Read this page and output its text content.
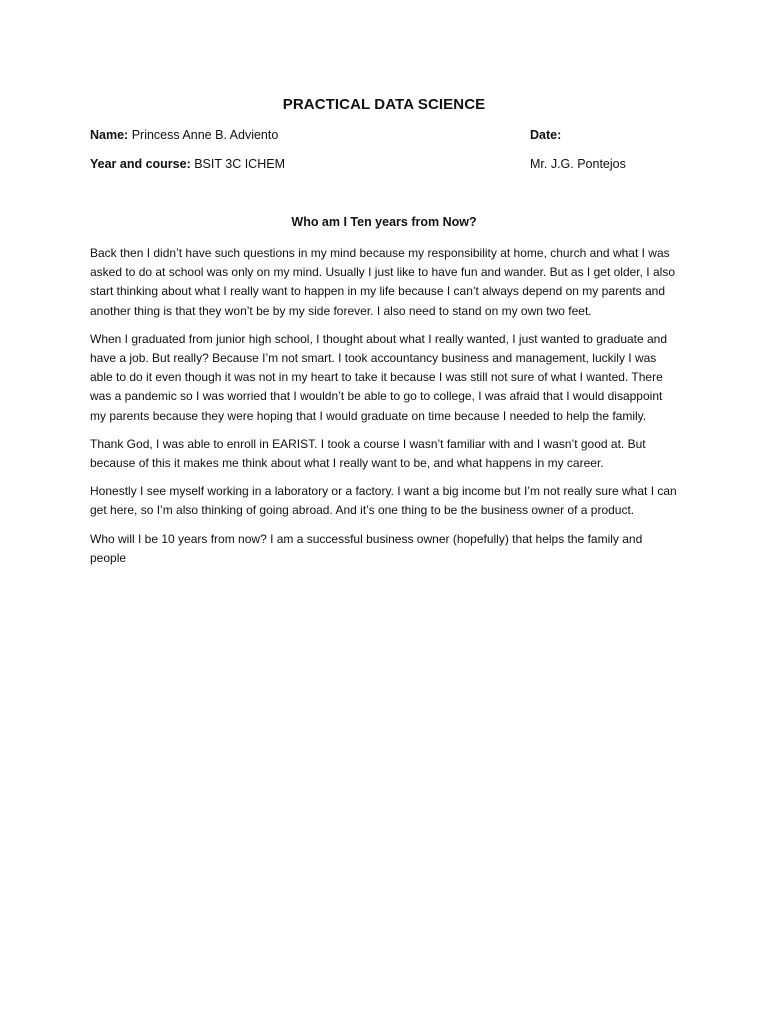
PRACTICAL DATA SCIENCE
Name: Princess Anne B. Adviento	Date:
Year and course: BSIT 3C ICHEM	Mr. J.G. Pontejos
Who am I Ten years from Now?

Back then I didn’t have such questions in my mind because my responsibility at home, church and what I was asked to do at school was only on my mind. Usually I just like to have fun and wander. But as I get older, I also start thinking about what I really want to happen in my life because I can’t always depend on my parents and another thing is that they won’t be by my side forever. I also need to stand on my own two feet.

When I graduated from junior high school, I thought about what I really wanted, I just wanted to graduate and have a job. But really? Because I’m not smart. I took accountancy business and management, luckily I was able to do it even though it was not in my heart to take it because I was still not sure of what I wanted. There was a pandemic so I was worried that I wouldn’t be able to go to college, I was afraid that I would disappoint my parents because they were hoping that I would graduate on time because I needed to help the family.

Thank God, I was able to enroll in EARIST. I took a course I wasn’t familiar with and I wasn’t good at. But because of this it makes me think about what I really want to be, and what happens in my career.

Honestly I see myself working in a laboratory or a factory. I want a big income but I’m not really sure what I can get here, so I’m also thinking of going abroad. And it’s one thing to be the business owner of a product.

Who will I be 10 years from now? I am a successful business owner (hopefully) that helps the family and people
